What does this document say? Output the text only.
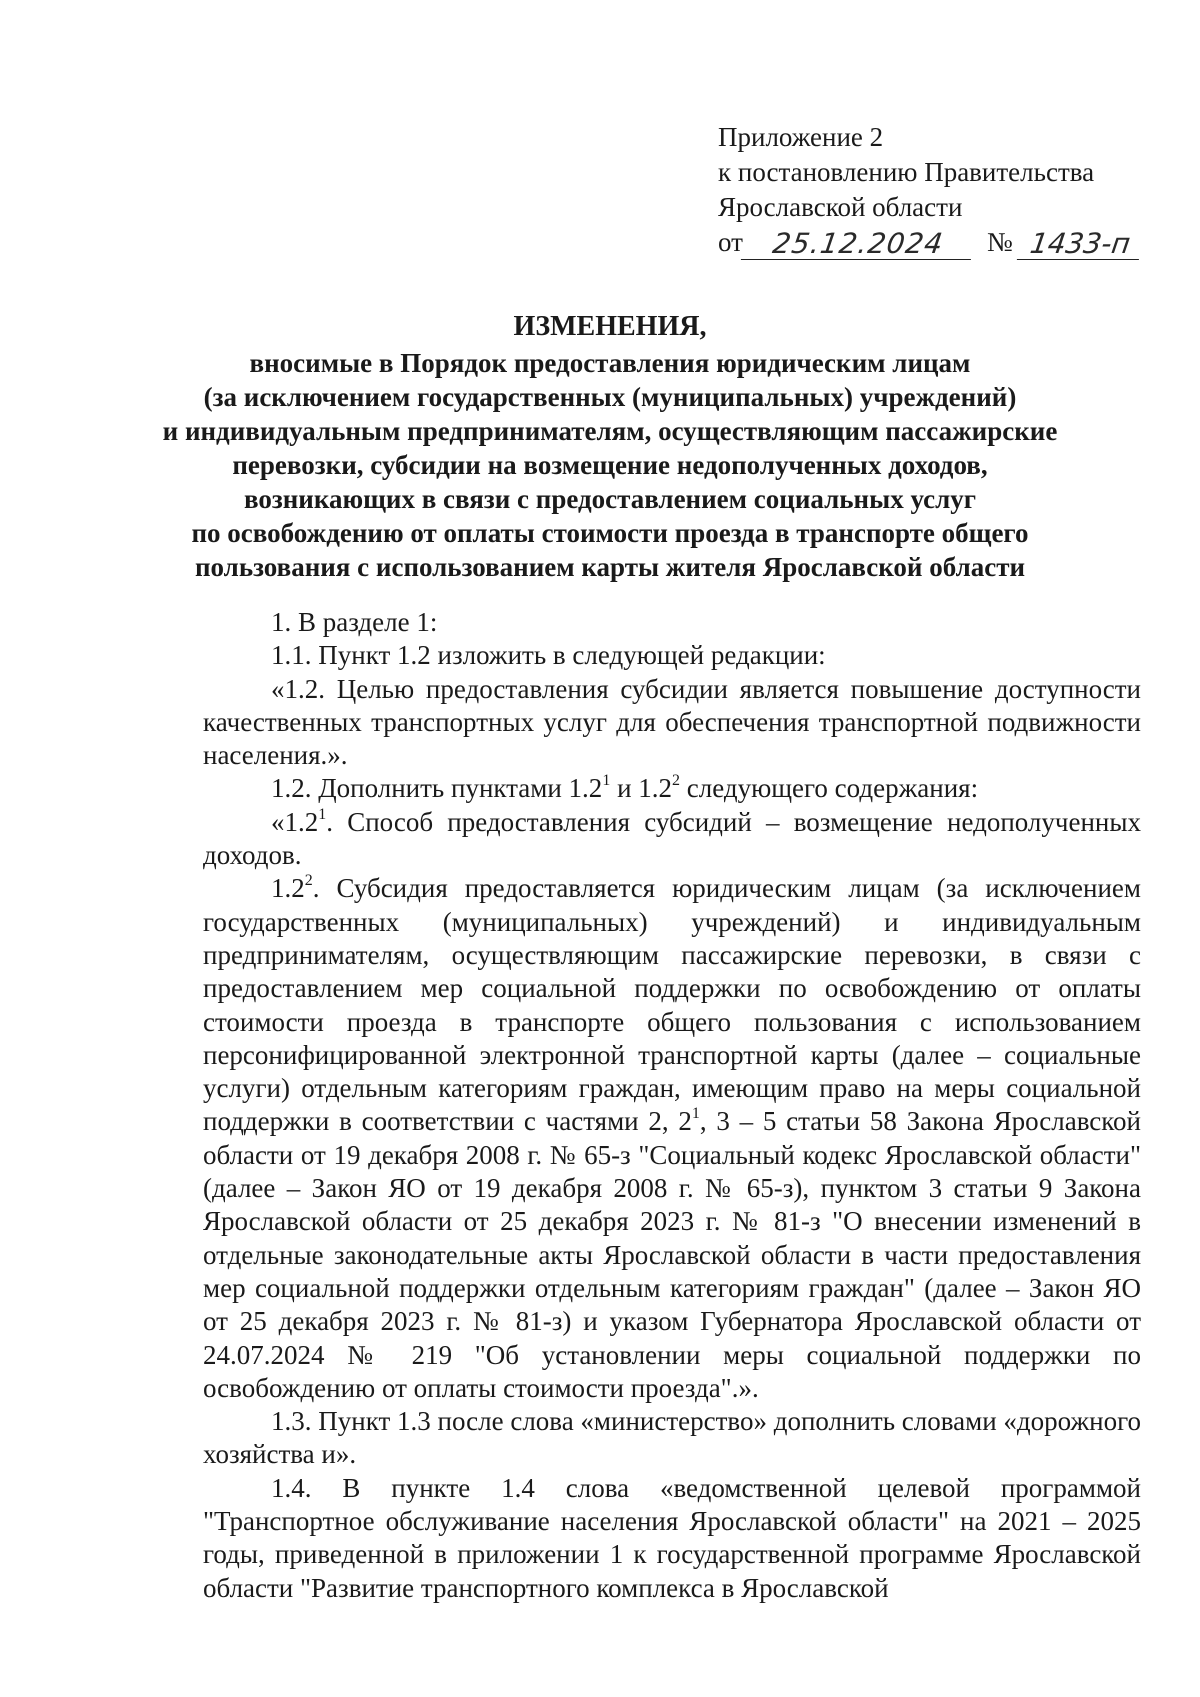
Приложение 2
к постановлению Правительства
Ярославской области
от 25.12.2024	№ 1433-п
ИЗМЕНЕНИЯ,
вносимые в Порядок предоставления юридическим лицам
(за исключением государственных (муниципальных) учреждений)
и индивидуальным предпринимателям, осуществляющим пассажирские
перевозки, субсидии на возмещение недополученных доходов,
возникающих в связи с предоставлением социальных услуг
по освобождению от оплаты стоимости проезда в транспорте общего
пользования с использованием карты жителя Ярославской области

1. В разделе 1:

1.1. Пункт 1.2 изложить в следующей редакции:

«1.2. Целью предоставления субсидии является повышение доступности качественных транспортных услуг для обеспечения транспортной подвижности населения.».

1.2. Дополнить пунктами $1.2^1$ и $1.2^2$ следующего содержания:

«$1.2^1$. Способ предоставления субсидий – возмещение недополученных доходов.

$1.2^2$. Субсидия предоставляется юридическим лицам (за исключением государственных (муниципальных) учреждений) и индивидуальным предпринимателям, осуществляющим пассажирские перевозки, в связи с предоставлением мер социальной поддержки по освобождению от оплаты стоимости проезда в транспорте общего пользования с использованием персонифицированной электронной транспортной карты (далее – социальные услуги) отдельным категориям граждан, имеющим право на меры социальной поддержки в соответствии с частями 2, $2^1$, 3 – 5 статьи 58 Закона Ярославской области от 19 декабря 2008 г. № 65-з "Социальный кодекс Ярославской области" (далее – Закон ЯО от 19 декабря 2008 г. № 65-з), пунктом 3 статьи 9 Закона Ярославской области от 25 декабря 2023 г. № 81-з "О внесении изменений в отдельные законодательные акты Ярославской области в части предоставления мер социальной поддержки отдельным категориям граждан" (далее – Закон ЯО от 25 декабря 2023 г. № 81-з) и указом Губернатора Ярославской области от 24.07.2024 № 219 "Об установлении меры социальной поддержки по освобождению от оплаты стоимости проезда".».

1.3. Пункт 1.3 после слова «министерство» дополнить словами «дорожного хозяйства и».

1.4. В пункте 1.4 слова «ведомственной целевой программой "Транспортное обслуживание населения Ярославской области" на 2021 – 2025 годы, приведенной в приложении 1 к государственной программе Ярославской области "Развитие транспортного комплекса в Ярославской
